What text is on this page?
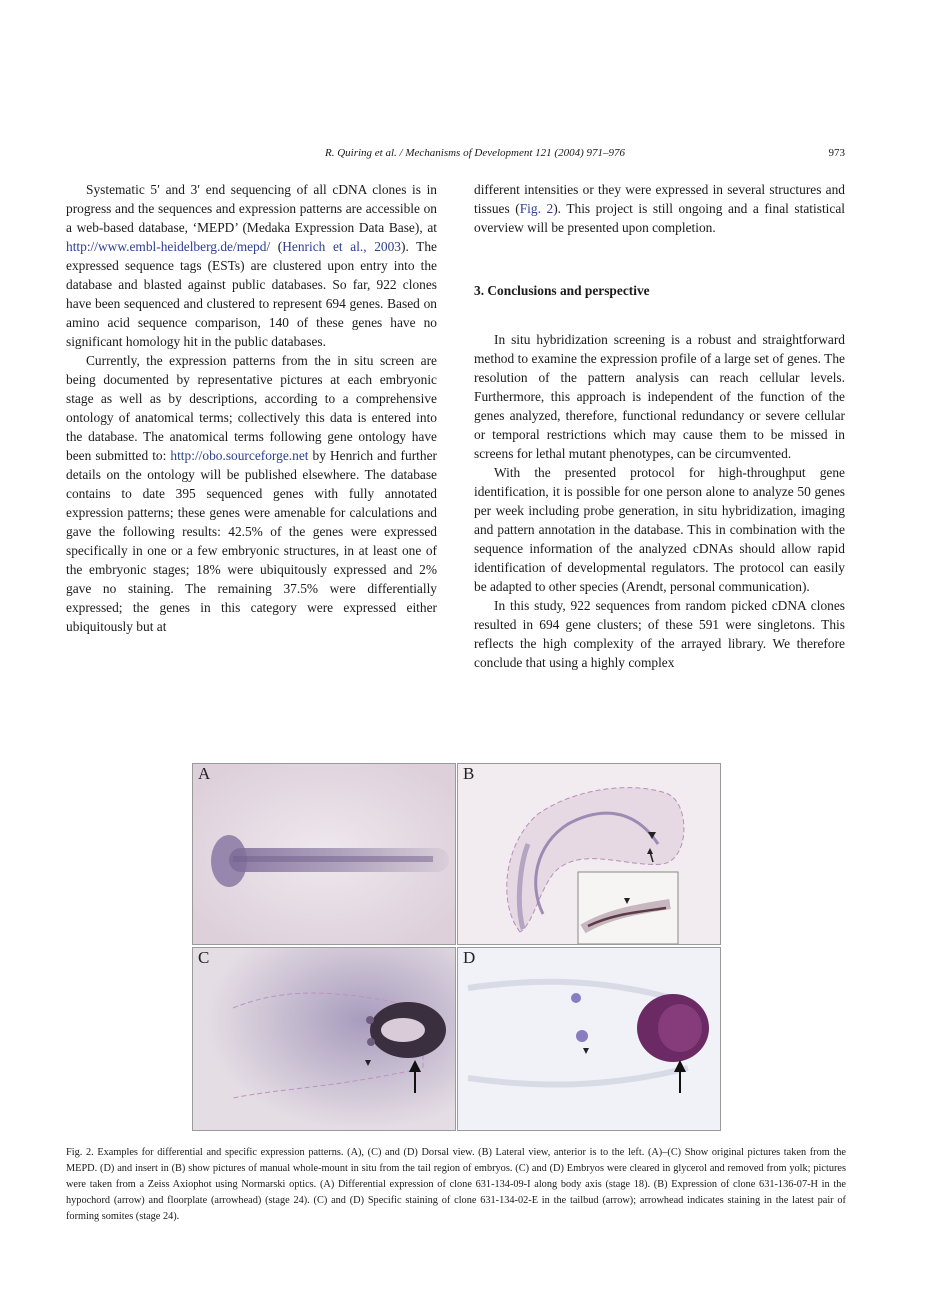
R. Quiring et al. / Mechanisms of Development 121 (2004) 971–976	973

Systematic 5′ and 3′ end sequencing of all cDNA clones is in progress and the sequences and expression patterns are accessible on a web-based database, ‘MEPD’ (Medaka Expression Data Base), at http://www.embl-heidelberg.de/mepd/ (Henrich et al., 2003). The expressed sequence tags (ESTs) are clustered upon entry into the database and blasted against public databases. So far, 922 clones have been sequenced and clustered to represent 694 genes. Based on amino acid sequence comparison, 140 of these genes have no significant homology hit in the public databases.

Currently, the expression patterns from the in situ screen are being documented by representative pictures at each embryonic stage as well as by descriptions, according to a comprehensive ontology of anatomical terms; collectively this data is entered into the database. The anatomical terms following gene ontology have been submitted to: http://obo.sourceforge.net by Henrich and further details on the ontology will be published elsewhere. The database contains to date 395 sequenced genes with fully annotated expression patterns; these genes were amenable for calculations and gave the following results: 42.5% of the genes were expressed specifically in one or a few embryonic structures, in at least one of the embryonic stages; 18% were ubiquitously expressed and 2% gave no staining. The remaining 37.5% were differentially expressed; the genes in this category were expressed either ubiquitously but at

different intensities or they were expressed in several structures and tissues (Fig. 2). This project is still ongoing and a final statistical overview will be presented upon completion.

3. Conclusions and perspective

In situ hybridization screening is a robust and straightforward method to examine the expression profile of a large set of genes. The resolution of the pattern analysis can reach cellular levels. Furthermore, this approach is independent of the function of the genes analyzed, therefore, functional redundancy or severe cellular or temporal restrictions which may cause them to be missed in screens for lethal mutant phenotypes, can be circumvented.

With the presented protocol for high-throughput gene identification, it is possible for one person alone to analyze 50 genes per week including probe generation, in situ hybridization, imaging and pattern annotation in the database. This in combination with the sequence information of the analyzed cDNAs should allow rapid identification of developmental regulators. The protocol can easily be adapted to other species (Arendt, personal communication).

In this study, 922 sequences from random picked cDNA clones resulted in 694 gene clusters; of these 591 were singletons. This reflects the high complexity of the arrayed library. We therefore conclude that using a highly complex

A	B
C	D
Fig. 2. Examples for differential and specific expression patterns. (A), (C) and (D) Dorsal view. (B) Lateral view, anterior is to the left. (A)–(C) Show original pictures taken from the MEPD. (D) and insert in (B) show pictures of manual whole-mount in situ from the tail region of embryos. (C) and (D) Embryos were cleared in glycerol and removed from yolk; pictures were taken from a Zeiss Axiophot using Normarski optics. (A) Differential expression of clone 631-134-09-I along body axis (stage 18). (B) Expression of clone 631-136-07-H in the hypochord (arrow) and floorplate (arrowhead) (stage 24). (C) and (D) Specific staining of clone 631-134-02-E in the tailbud (arrow); arrowhead indicates staining in the latest pair of forming somites (stage 24).
